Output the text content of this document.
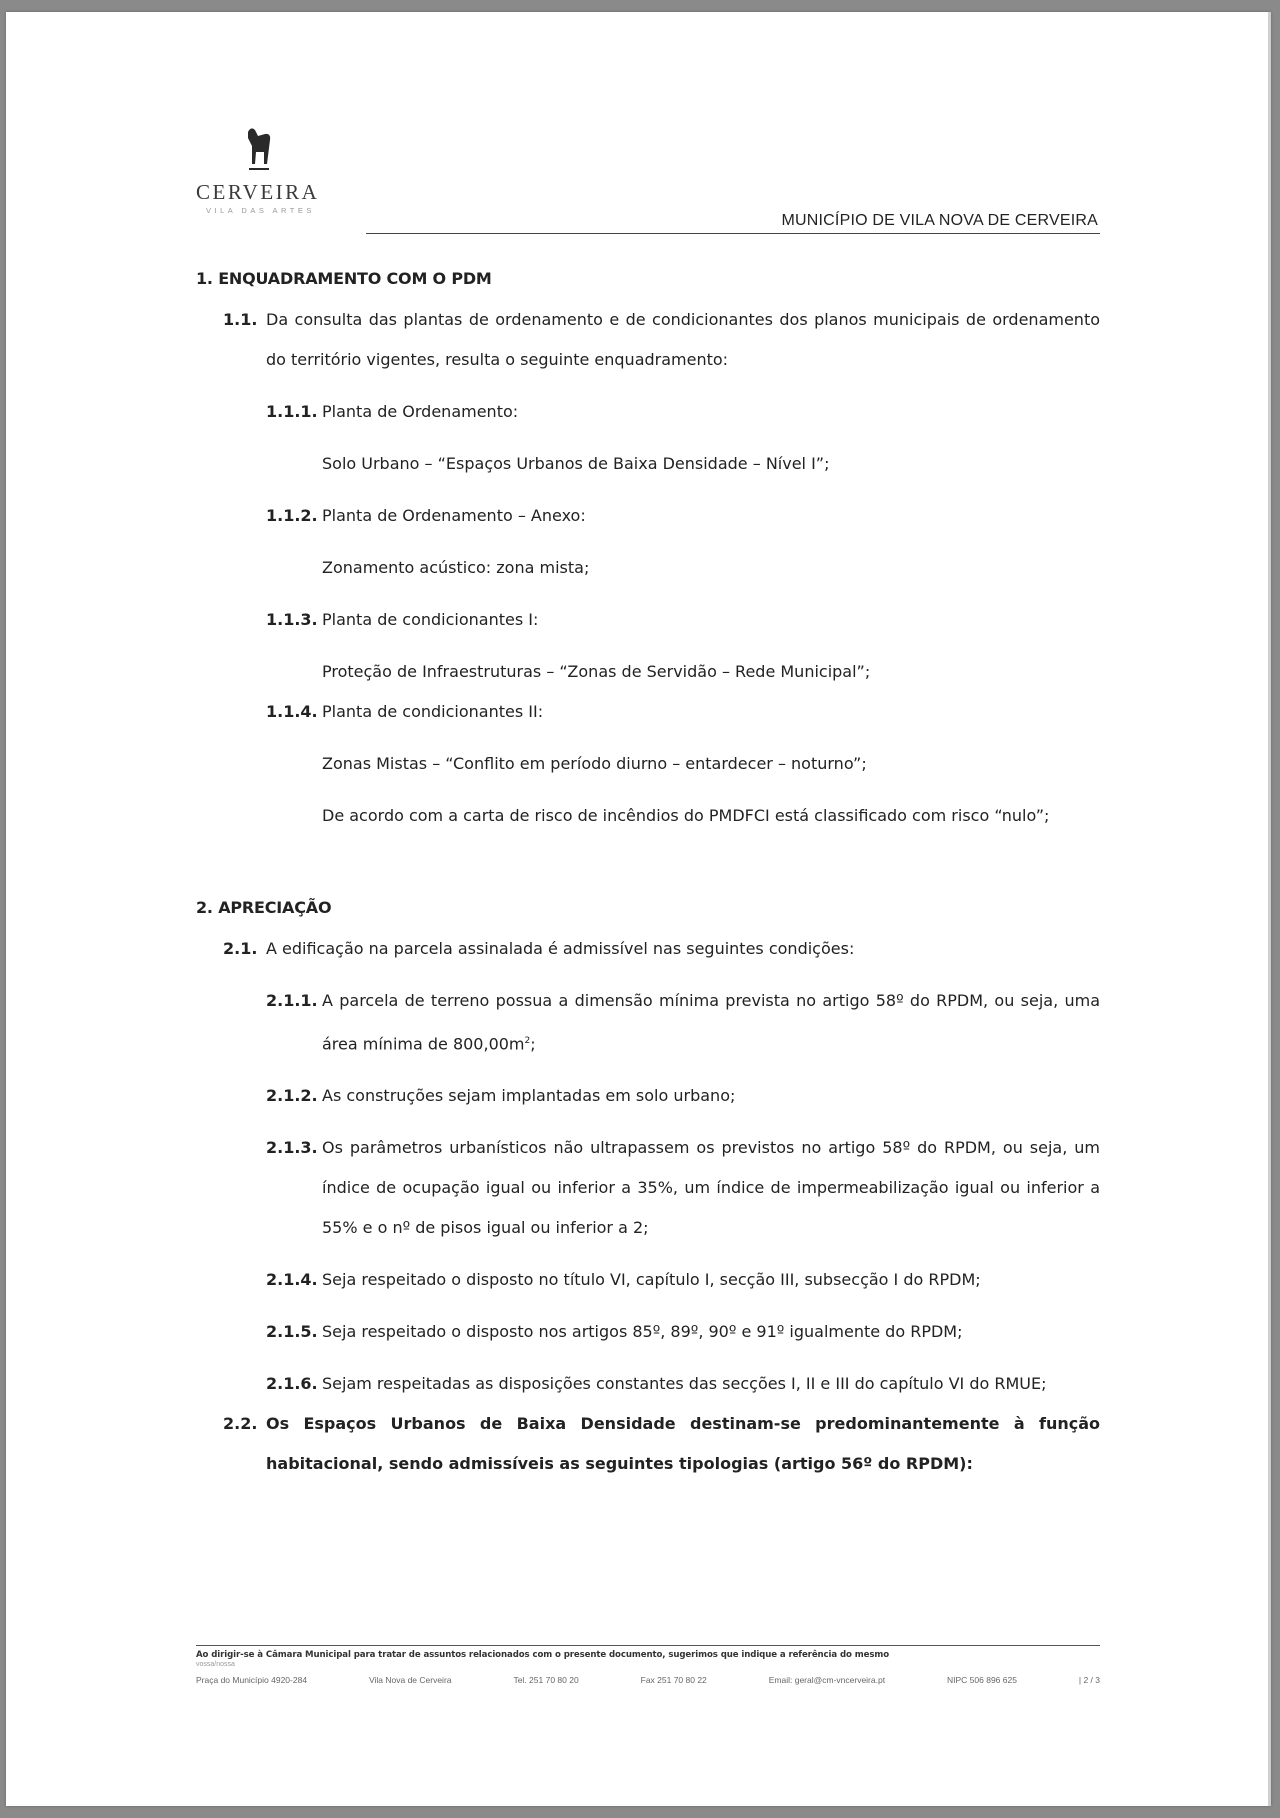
CERVEIRA
VILA DAS ARTES
MUNICÍPIO DE VILA NOVA DE CERVEIRA
1. ENQUADRAMENTO COM O PDM
1.1. Da consulta das plantas de ordenamento e de condicionantes dos planos municipais de ordenamento do território vigentes, resulta o seguinte enquadramento:
1.1.1. Planta de Ordenamento:
Solo Urbano – “Espaços Urbanos de Baixa Densidade – Nível I”;
1.1.2. Planta de Ordenamento – Anexo:
Zonamento acústico: zona mista;
1.1.3. Planta de condicionantes I:
Proteção de Infraestruturas – “Zonas de Servidão – Rede Municipal”;
1.1.4. Planta de condicionantes II:
Zonas Mistas – “Conflito em período diurno – entardecer – noturno”;
De acordo com a carta de risco de incêndios do PMDFCI está classificado com risco “nulo”;
2. APRECIAÇÃO
2.1. A edificação na parcela assinalada é admissível nas seguintes condições:
2.1.1. A parcela de terreno possua a dimensão mínima prevista no artigo 58º do RPDM, ou seja, uma área mínima de $800,00m^2$;
2.1.2. As construções sejam implantadas em solo urbano;
2.1.3. Os parâmetros urbanísticos não ultrapassem os previstos no artigo 58º do RPDM, ou seja, um índice de ocupação igual ou inferior a 35%, um índice de impermeabilização igual ou inferior a 55% e o nº de pisos igual ou inferior a 2;
2.1.4. Seja respeitado o disposto no título VI, capítulo I, secção III, subsecção I do RPDM;
2.1.5. Seja respeitado o disposto nos artigos 85º, 89º, 90º e 91º igualmente do RPDM;
2.1.6. Sejam respeitadas as disposições constantes das secções I, II e III do capítulo VI do RMUE;
2.2. Os Espaços Urbanos de Baixa Densidade destinam-se predominantemente à função habitacional, sendo admissíveis as seguintes tipologias (artigo 56º do RPDM):
Ao dirigir-se à Câmara Municipal para tratar de assuntos relacionados com o presente documento, sugerimos que indique a referência do mesmo
vossa/nossa
Praça do Município 4920-284	Vila Nova de Cerveira	Tel. 251 70 80 20	Fax 251 70 80 22	Email: geral@cm-vncerveira.pt	NIPC 506 896 625	| 2 / 3
